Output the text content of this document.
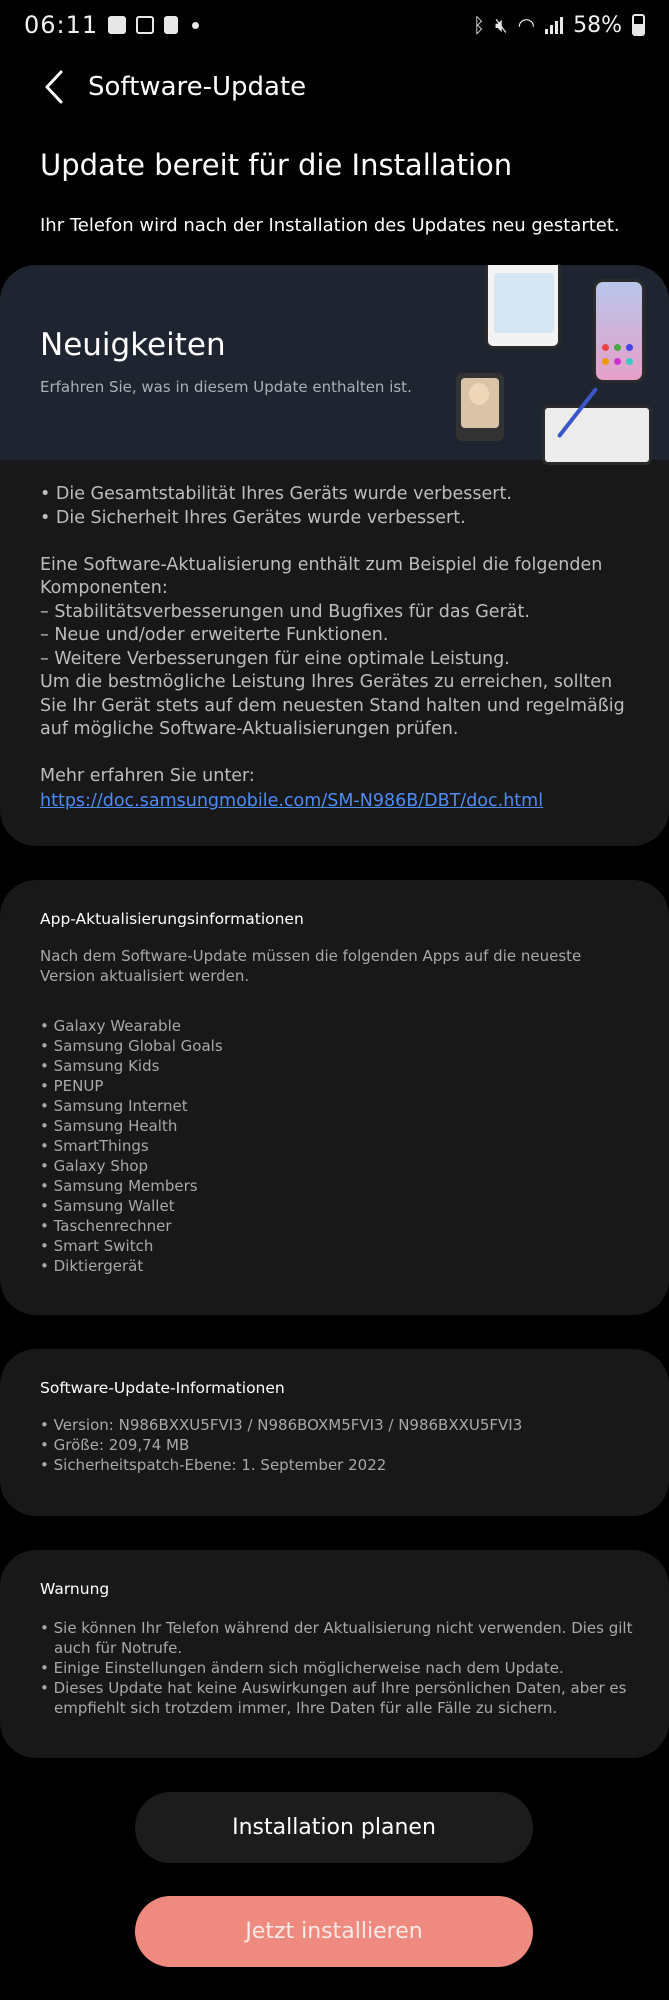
06:11	ᛒ 🔇︎ ◠ 58%
Software-Update
Update bereit für die Installation
Ihr Telefon wird nach der Installation des Updates neu gestartet.
Neuigkeiten
Erfahren Sie, was in diesem Update enthalten ist.
• Die Gesamtstabilität Ihres Geräts wurde verbessert.
• Die Sicherheit Ihres Gerätes wurde verbessert.

Eine Software-Aktualisierung enthält zum Beispiel die folgenden Komponenten:
– Stabilitätsverbesserungen und Bugfixes für das Gerät.
– Neue und/oder erweiterte Funktionen.
– Weitere Verbesserungen für eine optimale Leistung.
Um die bestmögliche Leistung Ihres Gerätes zu erreichen, sollten Sie Ihr Gerät stets auf dem neuesten Stand halten und regelmäßig auf mögliche Software-Aktualisierungen prüfen.

Mehr erfahren Sie unter:
https://doc.samsungmobile.com/SM-N986B/DBT/doc.html
App-Aktualisierungsinformationen
Nach dem Software-Update müssen die folgenden Apps auf die neueste Version aktualisiert werden.
• Galaxy Wearable
• Samsung Global Goals
• Samsung Kids
• PENUP
• Samsung Internet
• Samsung Health
• SmartThings
• Galaxy Shop
• Samsung Members
• Samsung Wallet
• Taschenrechner
• Smart Switch
• Diktiergerät
Software-Update-Informationen
• Version: N986BXXU5FVI3 / N986BOXM5FVI3 / N986BXXU5FVI3
• Größe: 209,74 MB
• Sicherheitspatch-Ebene: 1. September 2022
Warnung
• Sie können Ihr Telefon während der Aktualisierung nicht verwenden. Dies gilt auch für Notrufe.
• Einige Einstellungen ändern sich möglicherweise nach dem Update.
• Dieses Update hat keine Auswirkungen auf Ihre persönlichen Daten, aber es empfiehlt sich trotzdem immer, Ihre Daten für alle Fälle zu sichern.
Installation planen
Jetzt installieren
